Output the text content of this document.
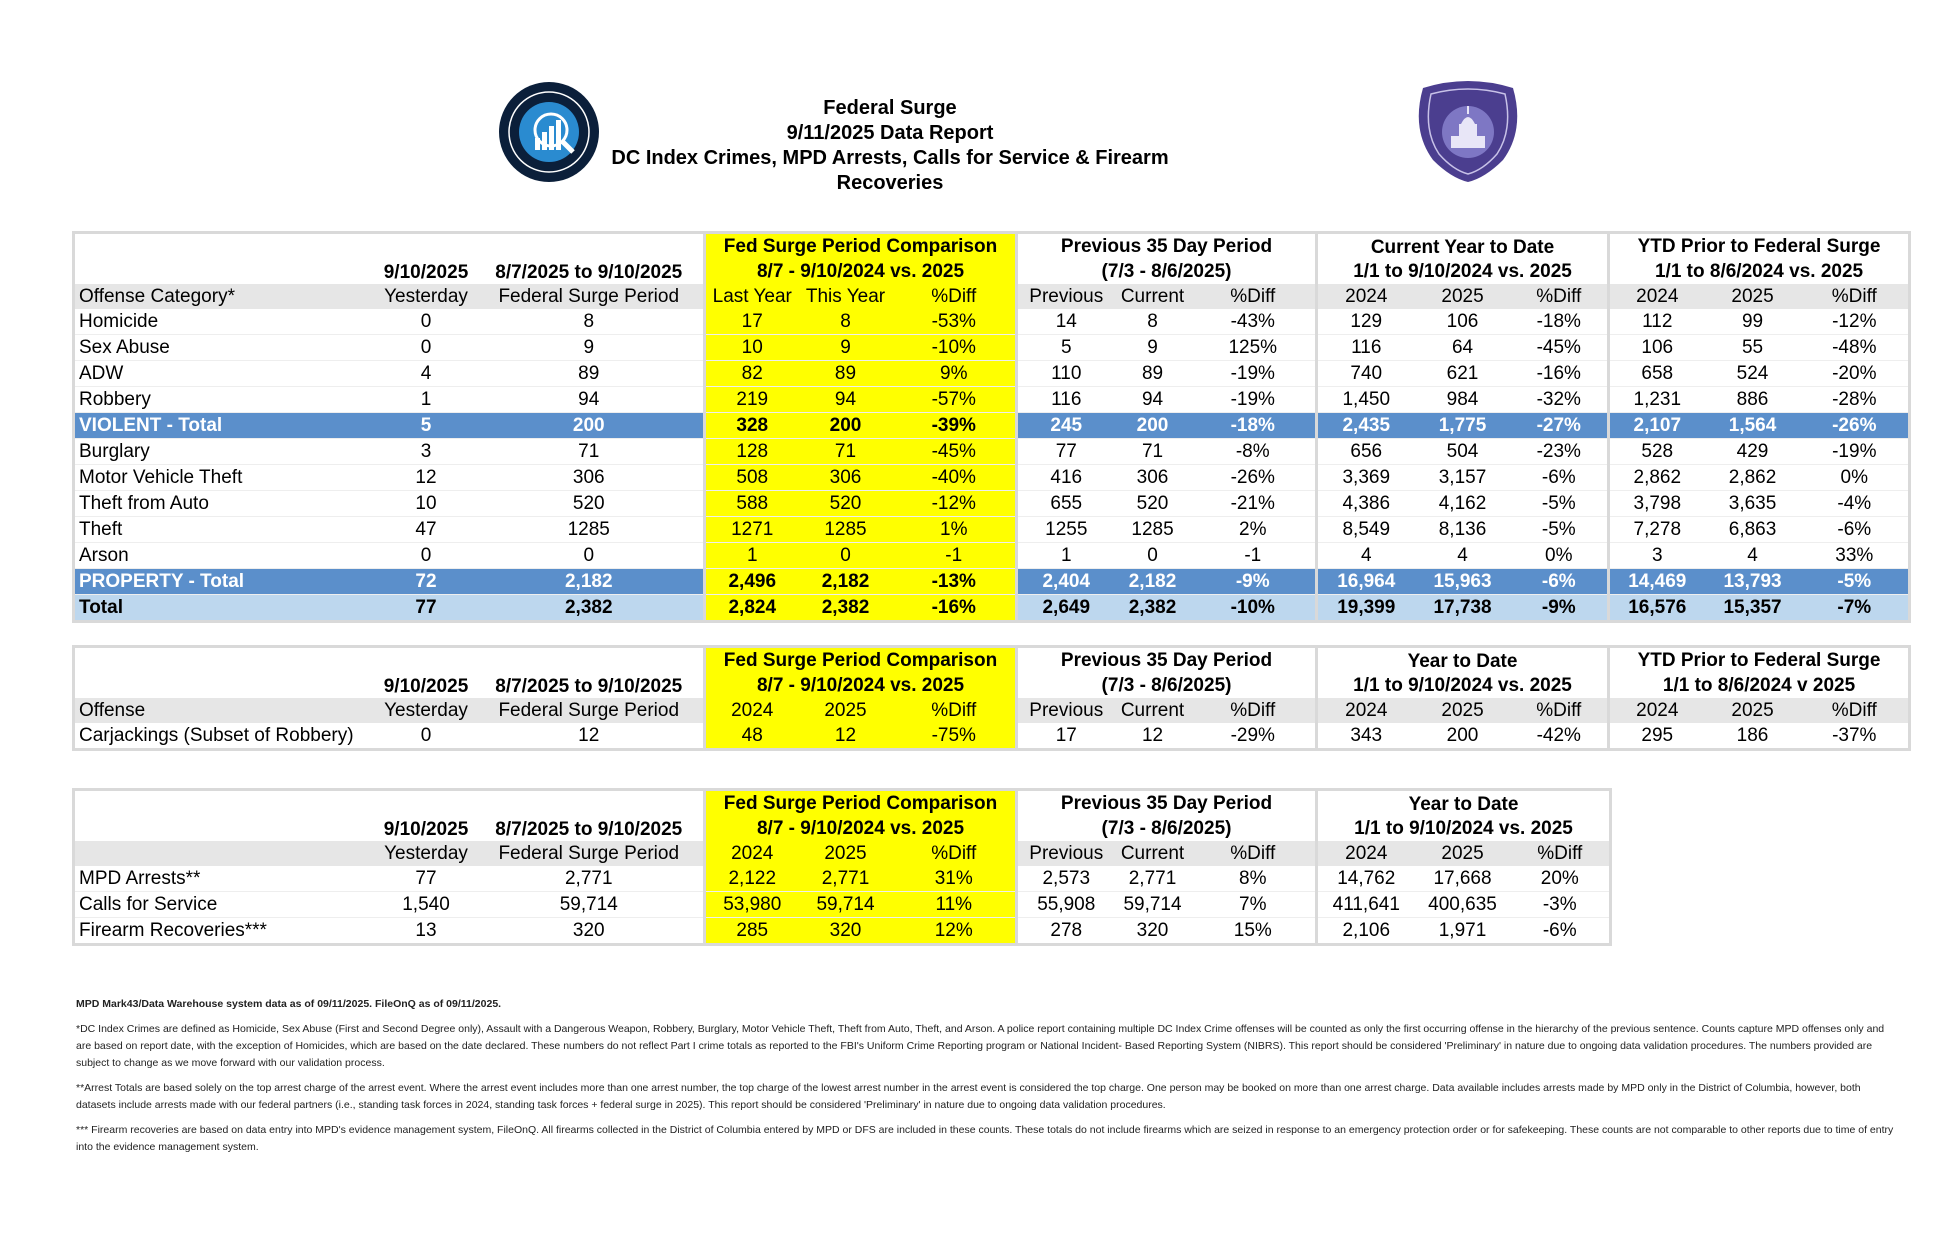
Federal Surge
9/11/2025 Data Report
DC Index Crimes, MPD Arrests, Calls for Service & Firearm Recoveries
	9/10/2025	8/7/2025 to 9/10/2025	Fed Surge Period Comparison			Previous 35 Day Period			Current Year to Date			YTD Prior to Federal Surge		
			8/7 - 9/10/2024 vs. 2025			(7/3 - 8/6/2025)			1/1 to 9/10/2024 vs. 2025			1/1 to 8/6/2024 vs. 2025		
Offense Category*	Yesterday	Federal Surge Period	Last Year	This Year	%Diff	Previous	Current	%Diff	2024	2025	%Diff	2024	2025	%Diff
Homicide	0	8	17	8	-53%	14	8	-43%	129	106	-18%	112	99	-12%
Sex Abuse	0	9	10	9	-10%	5	9	125%	116	64	-45%	106	55	-48%
ADW	4	89	82	89	9%	110	89	-19%	740	621	-16%	658	524	-20%
Robbery	1	94	219	94	-57%	116	94	-19%	1,450	984	-32%	1,231	886	-28%
VIOLENT - Total	5	200	328	200	-39%	245	200	-18%	2,435	1,775	-27%	2,107	1,564	-26%
Burglary	3	71	128	71	-45%	77	71	-8%	656	504	-23%	528	429	-19%
Motor Vehicle Theft	12	306	508	306	-40%	416	306	-26%	3,369	3,157	-6%	2,862	2,862	0%
Theft from Auto	10	520	588	520	-12%	655	520	-21%	4,386	4,162	-5%	3,798	3,635	-4%
Theft	47	1285	1271	1285	1%	1255	1285	2%	8,549	8,136	-5%	7,278	6,863	-6%
Arson	0	0	1	0	-1	1	0	-1	4	4	0%	3	4	33%
PROPERTY - Total	72	2,182	2,496	2,182	-13%	2,404	2,182	-9%	16,964	15,963	-6%	14,469	13,793	-5%
Total	77	2,382	2,824	2,382	-16%	2,649	2,382	-10%	19,399	17,738	-9%	16,576	15,357	-7%
	9/10/2025	8/7/2025 to 9/10/2025	Fed Surge Period Comparison			Previous 35 Day Period			Year to Date			YTD Prior to Federal Surge		
			8/7 - 9/10/2024 vs. 2025			(7/3 - 8/6/2025)			1/1 to 9/10/2024 vs. 2025			1/1 to 8/6/2024 v 2025		
Offense	Yesterday	Federal Surge Period	2024	2025	%Diff	Previous	Current	%Diff	2024	2025	%Diff	2024	2025	%Diff
Carjackings (Subset of Robbery)	0	12	48	12	-75%	17	12	-29%	343	200	-42%	295	186	-37%
	9/10/2025	8/7/2025 to 9/10/2025	Fed Surge Period Comparison			Previous 35 Day Period			Year to Date		
			8/7 - 9/10/2024 vs. 2025			(7/3 - 8/6/2025)			1/1 to 9/10/2024 vs. 2025		
	Yesterday	Federal Surge Period	2024	2025	%Diff	Previous	Current	%Diff	2024	2025	%Diff
MPD Arrests**	77	2,771	2,122	2,771	31%	2,573	2,771	8%	14,762	17,668	20%
Calls for Service	1,540	59,714	53,980	59,714	11%	55,908	59,714	7%	411,641	400,635	-3%
Firearm Recoveries***	13	320	285	320	12%	278	320	15%	2,106	1,971	-6%

MPD Mark43/Data Warehouse system data as of 09/11/2025. FileOnQ as of 09/11/2025.

*DC Index Crimes are defined as Homicide, Sex Abuse (First and Second Degree only), Assault with a Dangerous Weapon, Robbery, Burglary, Motor Vehicle Theft, Theft from Auto, Theft, and Arson. A police report containing multiple DC Index Crime offenses will be counted as only the first occurring offense in the hierarchy of the previous sentence. Counts capture MPD offenses only and are based on report date, with the exception of Homicides, which are based on the date declared. These numbers do not reflect Part I crime totals as reported to the FBI's Uniform Crime Reporting program or National Incident- Based Reporting System (NIBRS). This report should be considered 'Preliminary' in nature due to ongoing data validation procedures. The numbers provided are subject to change as we move forward with our validation process.

**Arrest Totals are based solely on the top arrest charge of the arrest event. Where the arrest event includes more than one arrest number, the top charge of the lowest arrest number in the arrest event is considered the top charge. One person may be booked on more than one arrest charge. Data available includes arrests made by MPD only in the District of Columbia, however, both datasets include arrests made with our federal partners (i.e., standing task forces in 2024, standing task forces + federal surge in 2025). This report should be considered 'Preliminary' in nature due to ongoing data validation procedures.

*** Firearm recoveries are based on data entry into MPD's evidence management system, FileOnQ. All firearms collected in the District of Columbia entered by MPD or DFS are included in these counts. These totals do not include firearms which are seized in response to an emergency protection order or for safekeeping. These counts are not comparable to other reports due to time of entry into the evidence management system.
